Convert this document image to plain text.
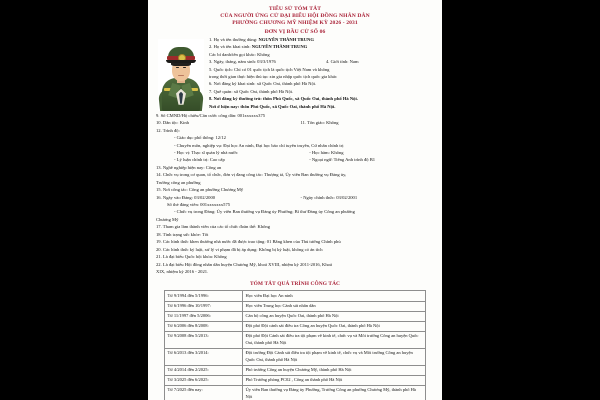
TIỂU SỬ TÓM TẮT
CỦA NGƯỜI ỨNG CỬ ĐẠI BIỂU HỘI ĐỒNG NHÂN DÂN
PHƯỜNG CHƯƠNG MỸ NHIỆM KỲ 2026 - 2031
ĐƠN VỊ BẦU CỬ SỐ 06

1. Họ và tên thường dùng: NGUYỄN THÀNH TRUNG

2. Họ và tên khai sinh: NGUYỄN THÀNH TRUNG

Các bí danh/tên gọi khác: Không

3. Ngày, tháng, năm sinh: 03/3/1976	4. Giới tính: Nam

5. Quốc tịch: Chỉ có 01 quốc tịch là quốc tịch Việt Nam và không

trong thời gian thực hiện thủ tục xin gia nhập quốc tịch quốc gia khác

6. Nơi đăng ký khai sinh: xã Quốc Oai, thành phố Hà Nội.

7. Quê quán: xã Quốc Oai, thành phố Hà Nội.

8. Nơi đăng ký thường trú: thôn Phú Quốc, xã Quốc Oai, thành phố Hà Nội.

Nơi ở hiện nay: thôn Phú Quốc, xã Quốc Oai, thành phố Hà Nội.

9. Số CMND/Hộ chiếu/Căn cước công dân: 001xxxxxx375

10. Dân tộc: Kinh	11. Tôn giáo: Không

12. Trình độ:

- Giáo dục phổ thông: 12/12

- Chuyên môn, nghiệp vụ: Đại học An ninh, Đại học báo chí tuyên truyền, Cử nhân chính trị

- Học vị: Thạc sĩ quản lý nhà nước	- Học hàm: Không
- Lý luận chính trị: Cao cấp	- Ngoại ngữ: Tiếng Anh trình độ B1

13. Nghề nghiệp hiện nay: Công an

14. Chức vụ trong cơ quan, tổ chức, đơn vị đang công tác: Thượng tá, Ủy viên Ban thường vụ Đảng ủy,

Trưởng công an phường

15. Nơi công tác: Công an phường Chương Mỹ

16. Ngày vào Đảng: 03/02/2000	- Ngày chính thức: 03/02/2001

Số thẻ đảng viên: 001xxxxxxx575

- Chức vụ trong Đảng: Ủy viên Ban thường vụ Đảng ủy Phường; Bí thư Đảng ủy Công an phường

Chương Mỹ

17. Tham gia làm thành viên của các tổ chức đoàn thể: Không

18. Tình trạng sức khỏe: Tốt

19. Các hình thức khen thưởng nhà nước đã được trao tặng: 01 Bằng khen của Thủ tướng Chính phủ

20. Các hình thức kỷ luật, xử lý vi phạm đã bị áp dụng: Không bị kỷ luật, không có án tích

21. Là đại biểu Quốc hội khóa: Không

22. Là đại biểu Hội đồng nhân dân huyện Chương Mỹ, khoá XVIII, nhiệm kỳ 2011-2016, Khoá

XIX, nhiệm kỳ 2016 - 2021.

TÓM TẮT QUÁ TRÌNH CÔNG TÁC
Từ 9/1994 đến 5/1996:	Học viên Đại học An ninh
Từ 6/1996 đến 10/1997:	Học viên Trung học Cảnh sát nhân dân
Từ 11/1997 đến 5/2006:	Cán bộ công an huyện Quốc Oai, thành phố Hà Nội
Từ 6/2006 đến 8/2008:	Đội phó Đội cảnh sát điều tra Công an huyện Quốc Oai, thành phố Hà Nội
Từ 9/2008 đến 5/2013:	Đội phó Đội Cảnh sát điều tra tội phạm về kinh tế, chức vụ và Môi trường Công an huyện Quốc Oai, thành phố Hà Nội
Từ 6/2013 đến 3/2014:	Đội trưởng Đội Cảnh sát điều tra tội phạm về kinh tế, chức vụ và Môi trường Công an huyện Quốc Oai, thành phố Hà Nội
Từ 4/2014 đến 2/2025:	Phó trưởng Công an huyện Chương Mỹ, thành phố Hà Nội
Từ 3/2025 đến 6/2025:	Phó Trưởng phòng PC02 , Công an thành phố Hà Nội
Từ 7/2025 đến nay:	Ủy viên Ban thường vụ Đảng ủy Phường, Trưởng Công an phường Chương Mỹ, thành phố Hà Nội
